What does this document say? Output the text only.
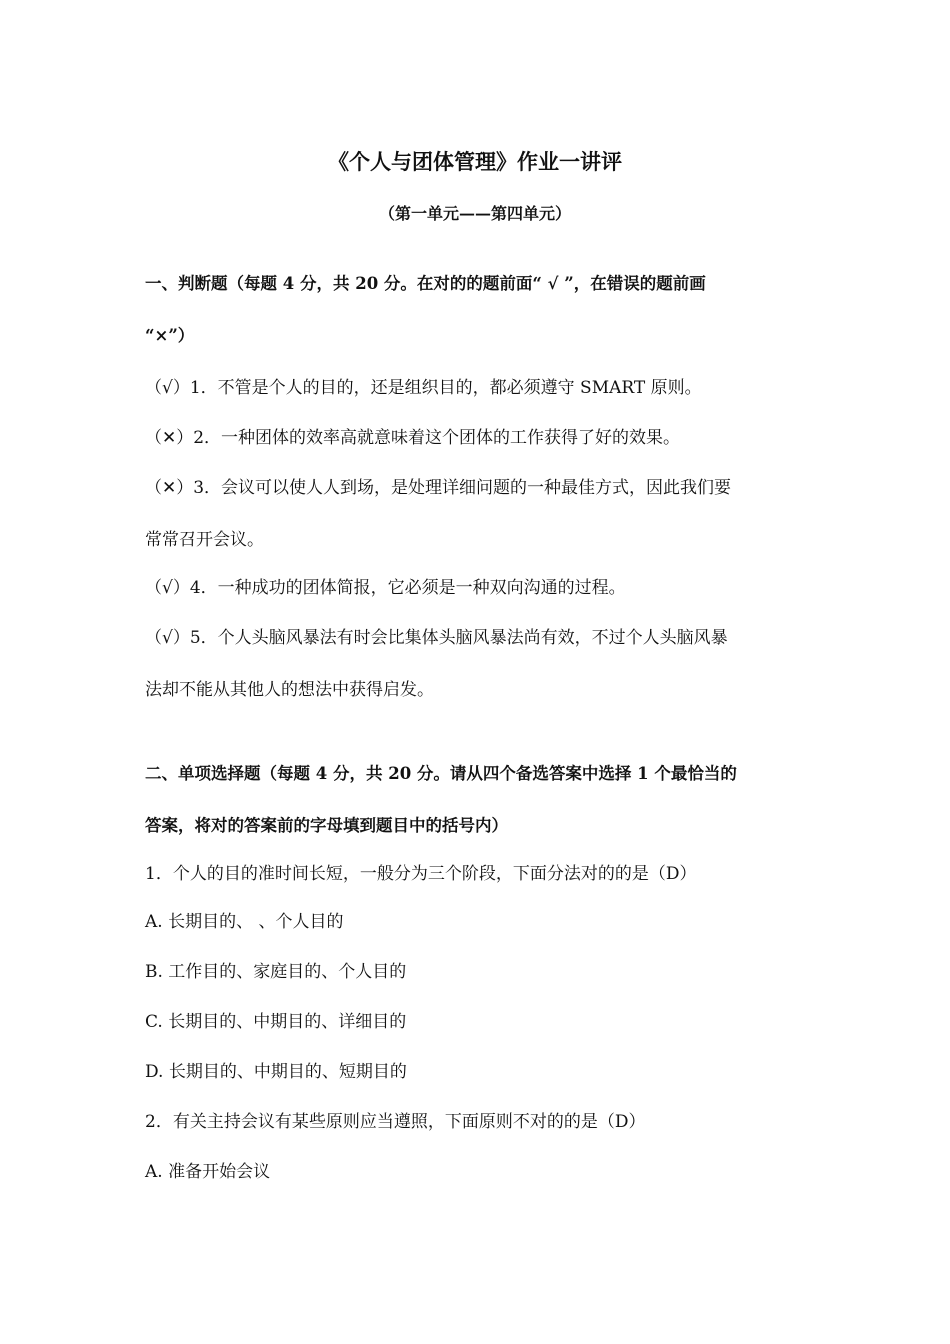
《个人与团体管理》作业一讲评
（第一单元——第四单元）
一、判断题（每题 4 分，共 20 分。在对的的题前面“ √ ”，在错误的题前画
“×”）
（√）1．不管是个人的目的，还是组织目的，都必须遵守 SMART 原则。
（✕）2．一种团体的效率高就意味着这个团体的工作获得了好的效果。
（✕）3．会议可以使人人到场，是处理详细问题的一种最佳方式，因此我们要
常常召开会议。
（√）4．一种成功的团体简报，它必须是一种双向沟通的过程。
（√）5．个人头脑风暴法有时会比集体头脑风暴法尚有效，不过个人头脑风暴
法却不能从其他人的想法中获得启发。
二、单项选择题（每题 4 分，共 20 分。请从四个备选答案中选择 1 个最恰当的
答案，将对的答案前的字母填到题目中的括号内）
1．个人的目的准时间长短，一般分为三个阶段，下面分法对的的是（D）
A. 长期目的、 、个人目的
B. 工作目的、家庭目的、个人目的
C. 长期目的、中期目的、详细目的
D. 长期目的、中期目的、短期目的
2．有关主持会议有某些原则应当遵照，下面原则不对的的是（D）
A. 准备开始会议
